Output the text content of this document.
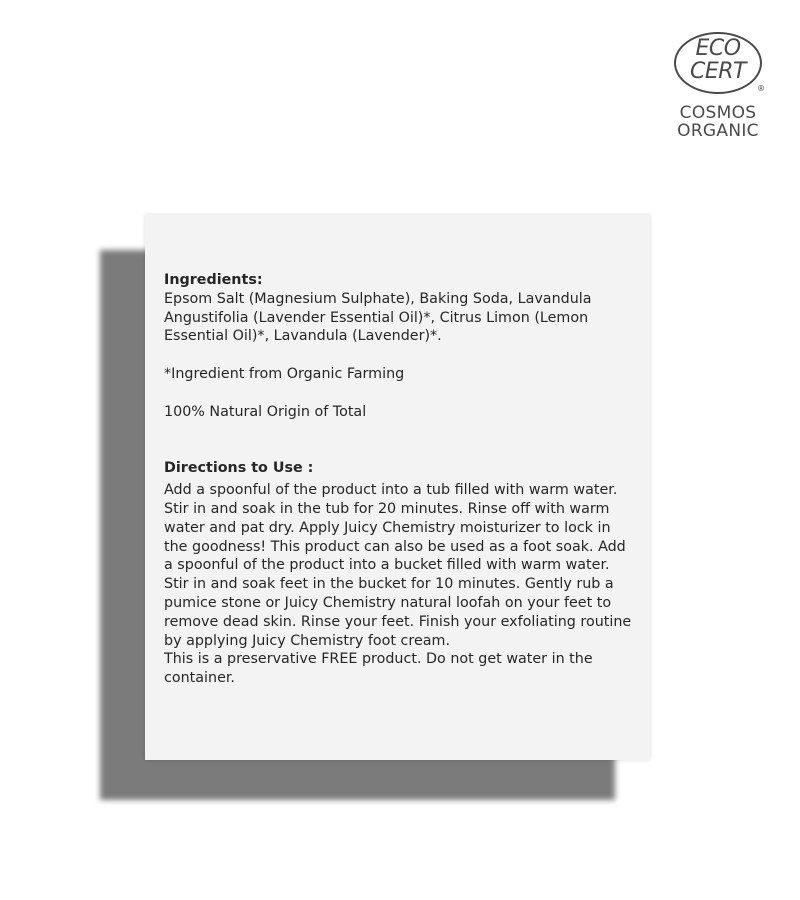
ECO
CERT
®
COSMOS
ORGANIC

Ingredients:

Epsom Salt (Magnesium Sulphate), Baking Soda, Lavandula Angustifolia (Lavender Essential Oil)*, Citrus Limon (Lemon Essential Oil)*, Lavandula (Lavender)*.

*Ingredient from Organic Farming

100% Natural Origin of Total

Directions to Use :

Add a spoonful of the product into a tub filled with warm water. Stir in and soak in the tub for 20 minutes. Rinse off with warm water and pat dry. Apply Juicy Chemistry moisturizer to lock in the goodness! This product can also be used as a foot soak. Add a spoonful of the product into a bucket filled with warm water. Stir in and soak feet in the bucket for 10 minutes. Gently rub a pumice stone or Juicy Chemistry natural loofah on your feet to remove dead skin. Rinse your feet. Finish your exfoliating routine by applying Juicy Chemistry foot cream.

This is a preservative FREE product. Do not get water in the container.
